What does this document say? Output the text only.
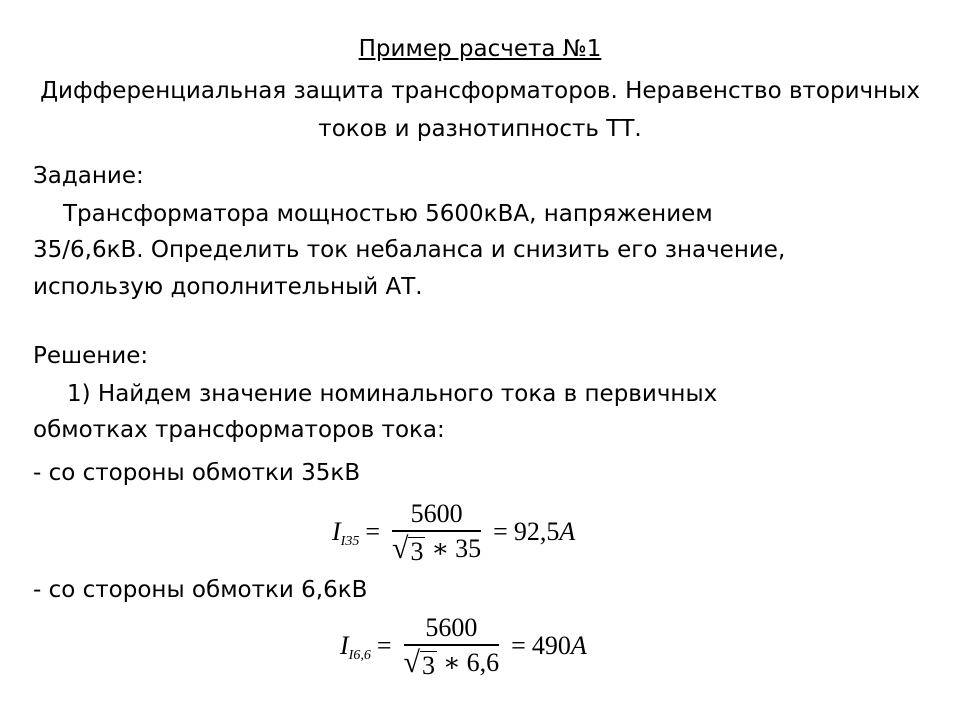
Пример расчета №1
Дифференциальная защита трансформаторов. Неравенство вторичных токов и разнотипность ТТ.
Задание:
Трансформатора мощностью 5600кВА, напряжением
35/6,6кВ. Определить ток небаланса и снизить его значение,
использую дополнительный АТ.
Решение:
1) Найдем значение номинального тока в первичных
обмотках трансформаторов тока:
- со стороны обмотки 35кВ
I $I35 = \frac{5600}{√ 3 ∗ 35} = 92,5$ A
- со стороны обмотки 6,6кВ
I $I6,6 = \frac{5600}{√ 3 ∗ 6,6} = 490$ A
